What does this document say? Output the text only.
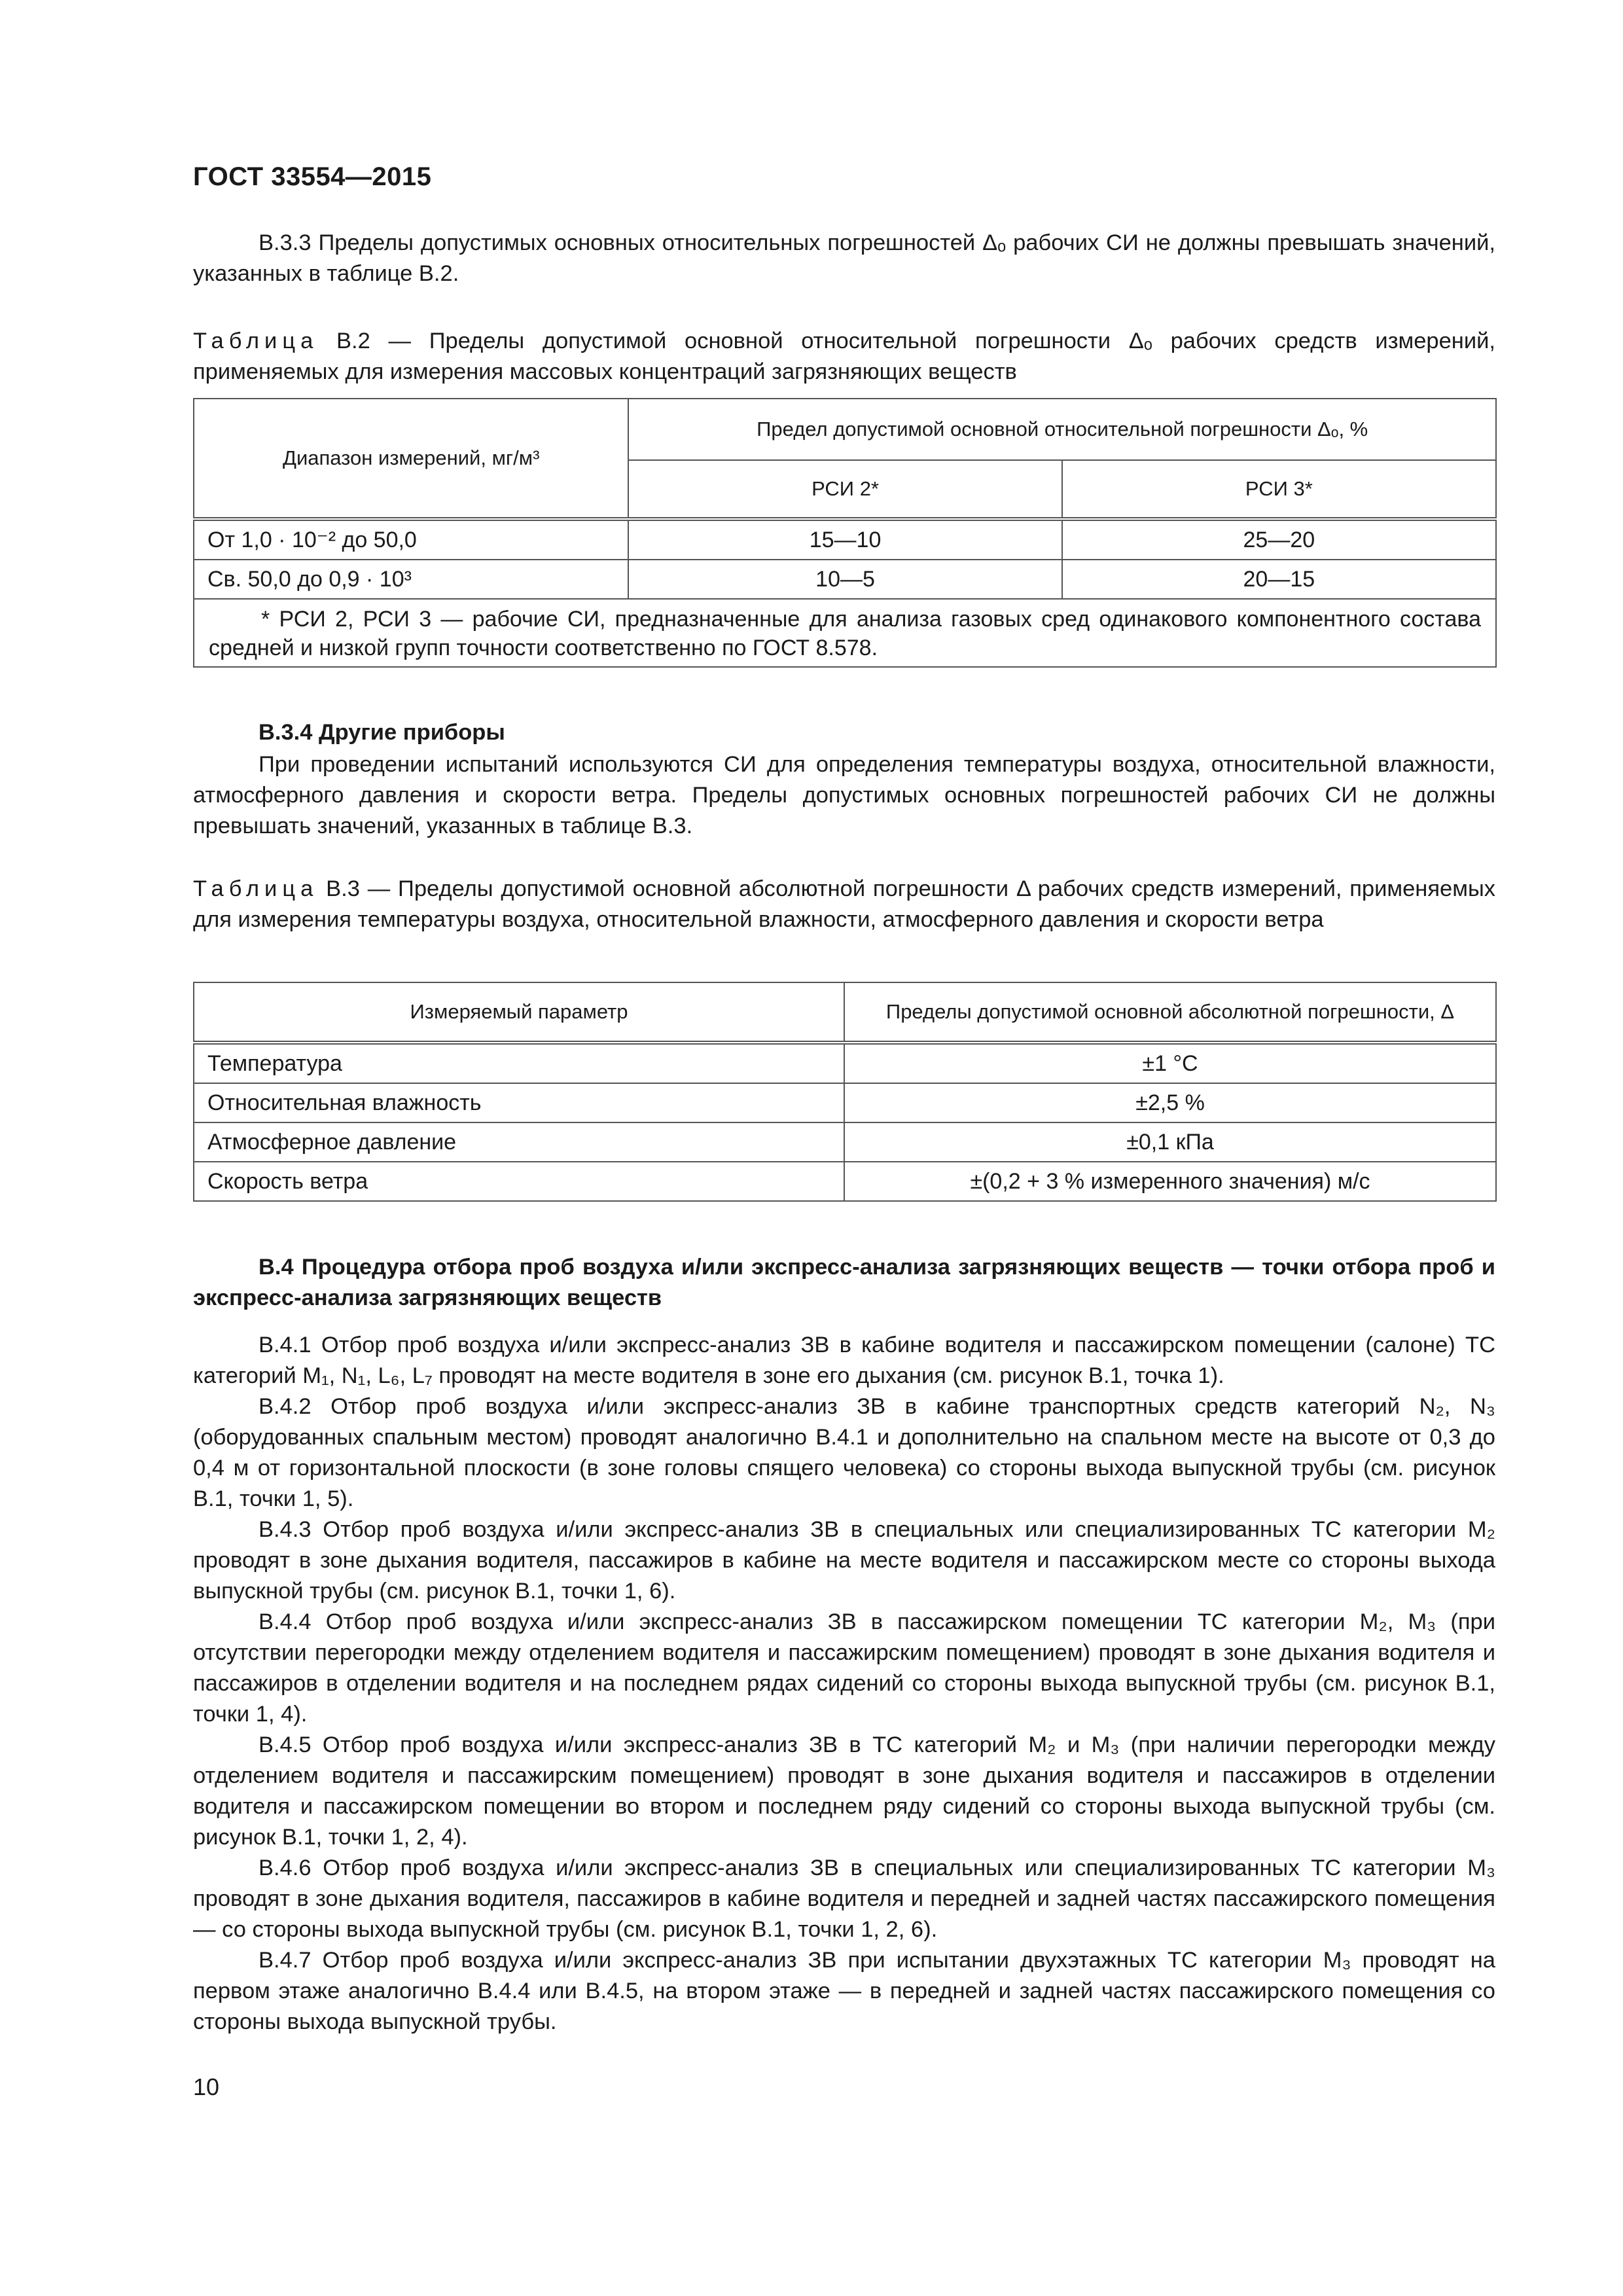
ГОСТ 33554—2015

В.3.3 Пределы допустимых основных относительных погрешностей Δₒ рабочих СИ не должны превышать значений, указанных в таблице В.2.

Таблица В.2 — Пределы допустимой основной относительной погрешности Δₒ рабочих средств измерений, применяемых для измерения массовых концентраций загрязняющих веществ

Диапазон измерений, мг/м³	Предел допустимой основной относительной погрешности Δₒ, %	
	РСИ 2*	РСИ 3*
От 1,0 · 10⁻² до 50,0	15—10	25—20
Св. 50,0 до 0,9 · 10³	10—5	20—15
* РСИ 2, РСИ 3 — рабочие СИ, предназначенные для анализа газовых сред одинакового компонентного состава средней и низкой групп точности соответственно по ГОСТ 8.578.		
В.3.4 Другие приборы

При проведении испытаний используются СИ для определения температуры воздуха, относительной влажности, атмосферного давления и скорости ветра. Пределы допустимых основных погрешностей рабочих СИ не должны превышать значений, указанных в таблице В.3.

Таблица В.3 — Пределы допустимой основной абсолютной погрешности Δ рабочих средств измерений, применяемых для измерения температуры воздуха, относительной влажности, атмосферного давления и скорости ветра

Измеряемый параметр	Пределы допустимой основной абсолютной погрешности, Δ
Температура	±1 °С
Относительная влажность	±2,5 %
Атмосферное давление	±0,1 кПа
Скорость ветра	±(0,2 + 3 % измеренного значения) м/с

В.4 Процедура отбора проб воздуха и/или экспресс-анализа загрязняющих веществ — точки отбора проб и экспресс-анализа загрязняющих веществ

В.4.1 Отбор проб воздуха и/или экспресс-анализ ЗВ в кабине водителя и пассажирском помещении (салоне) ТС категорий M₁, N₁, L₆, L₇ проводят на месте водителя в зоне его дыхания (см. рисунок В.1, точка 1).

В.4.2 Отбор проб воздуха и/или экспресс-анализ ЗВ в кабине транспортных средств категорий N₂, N₃ (оборудованных спальным местом) проводят аналогично В.4.1 и дополнительно на спальном месте на высоте от 0,3 до 0,4 м от горизонтальной плоскости (в зоне головы спящего человека) со стороны выхода выпускной трубы (см. рисунок В.1, точки 1, 5).

В.4.3 Отбор проб воздуха и/или экспресс-анализ ЗВ в специальных или специализированных ТС категории M₂ проводят в зоне дыхания водителя, пассажиров в кабине на месте водителя и пассажирском месте со стороны выхода выпускной трубы (см. рисунок В.1, точки 1, 6).

В.4.4 Отбор проб воздуха и/или экспресс-анализ ЗВ в пассажирском помещении ТС категории M₂, M₃ (при отсутствии перегородки между отделением водителя и пассажирским помещением) проводят в зоне дыхания водителя и пассажиров в отделении водителя и на последнем рядах сидений со стороны выхода выпускной трубы (см. рисунок В.1, точки 1, 4).

В.4.5 Отбор проб воздуха и/или экспресс-анализ ЗВ в ТС категорий M₂ и M₃ (при наличии перегородки между отделением водителя и пассажирским помещением) проводят в зоне дыхания водителя и пассажиров в отделении водителя и пассажирском помещении во втором и последнем ряду сидений со стороны выхода выпускной трубы (см. рисунок В.1, точки 1, 2, 4).

В.4.6 Отбор проб воздуха и/или экспресс-анализ ЗВ в специальных или специализированных ТС категории M₃ проводят в зоне дыхания водителя, пассажиров в кабине водителя и передней и задней частях пассажирского помещения — со стороны выхода выпускной трубы (см. рисунок В.1, точки 1, 2, 6).

В.4.7 Отбор проб воздуха и/или экспресс-анализ ЗВ при испытании двухэтажных ТС категории M₃ проводят на первом этаже аналогично В.4.4 или В.4.5, на втором этаже — в передней и задней частях пассажирского помещения со стороны выхода выпускной трубы.

10
